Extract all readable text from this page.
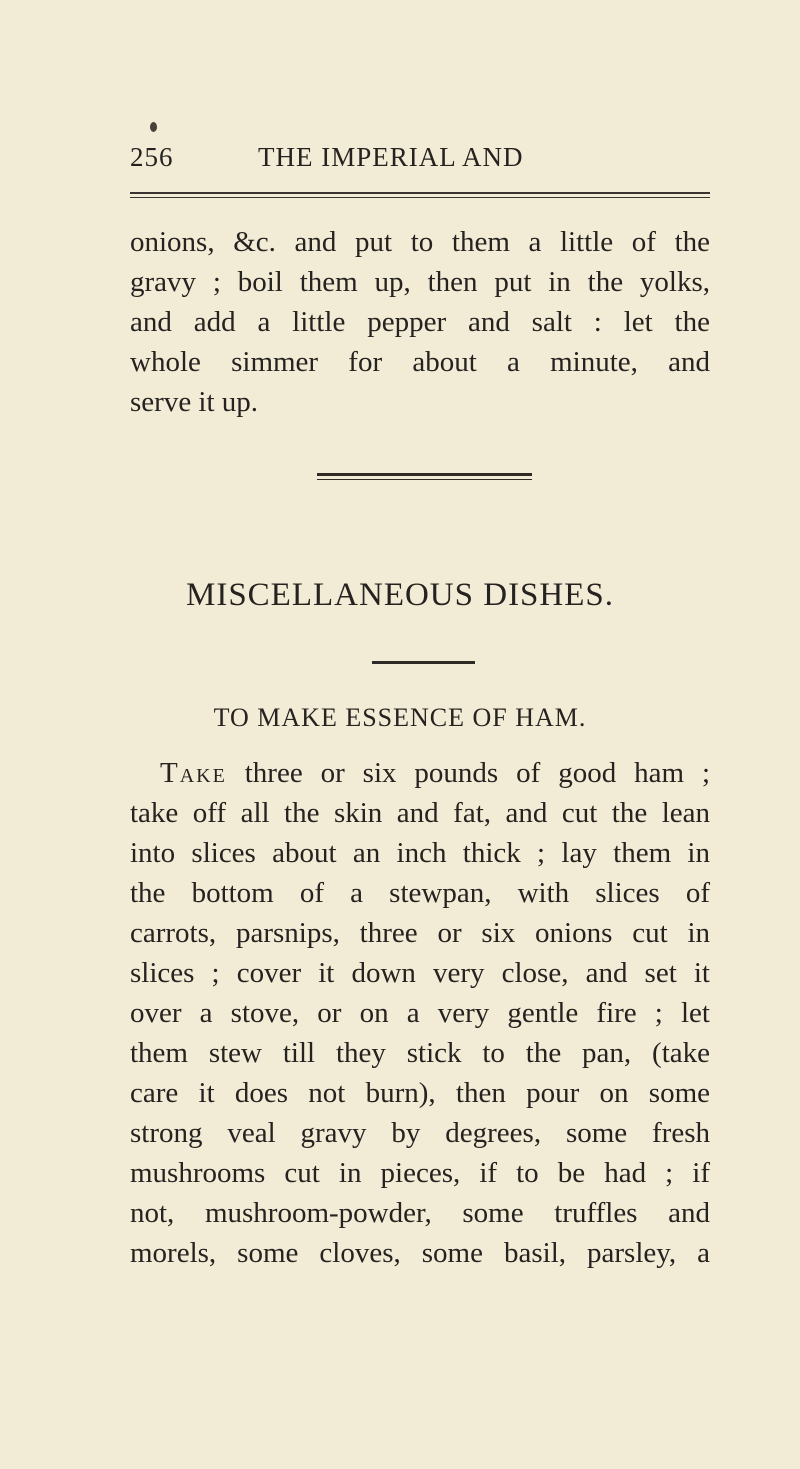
256	THE IMPERIAL AND
onions, &c. and put to them a little of the
gravy ; boil them up, then put in the yolks,
and add a little pepper and salt : let the
whole simmer for about a minute, and
serve it up.
MISCELLANEOUS DISHES.
TO MAKE ESSENCE OF HAM.
Take three or six pounds of good ham ;
take off all the skin and fat, and cut the lean
into slices about an inch thick ; lay them in
the bottom of a stewpan, with slices of
carrots, parsnips, three or six onions cut in
slices ; cover it down very close, and set it
over a stove, or on a very gentle fire ; let
them stew till they stick to the pan, (take
care it does not burn), then pour on some
strong veal gravy by degrees, some fresh
mushrooms cut in pieces, if to be had ; if
not, mushroom-powder, some truffles and
morels, some cloves, some basil, parsley, a
